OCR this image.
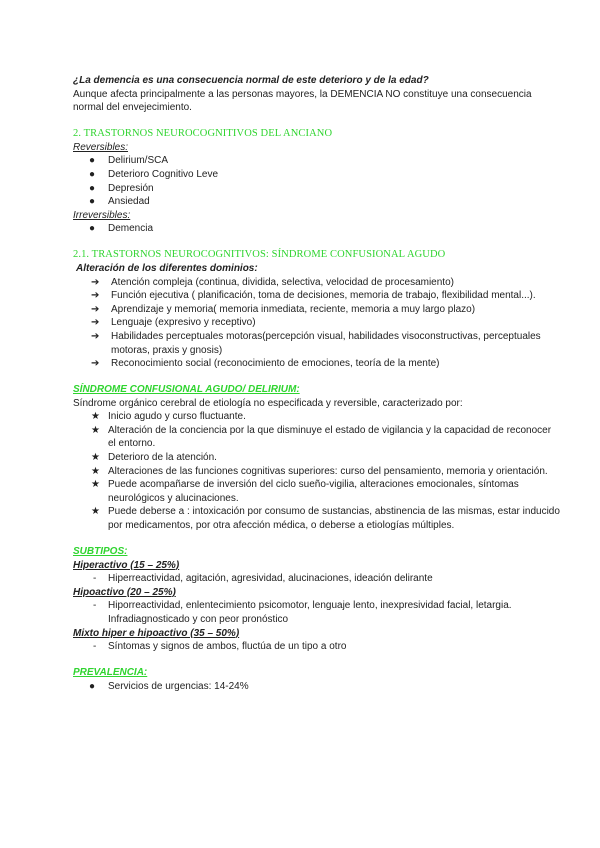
¿La demencia es una consecuencia normal de este deterioro y de la edad?

Aunque afecta principalmente a las personas mayores, la DEMENCIA NO constituye una consecuencia normal del envejecimiento.

2. TRASTORNOS NEUROCOGNITIVOS DEL ANCIANO

Reversibles:

●	Delirium/SCA
●	Deterioro Cognitivo Leve
●	Depresión
●	Ansiedad

Irreversibles:

●	Demencia

2.1. TRASTORNOS NEUROCOGNITIVOS: SÍNDROME CONFUSIONAL AGUDO

Alteración de los diferentes dominios:

➔	Atención compleja (continua, dividida, selectiva, velocidad de procesamiento)
➔	Función ejecutiva ( planificación, toma de decisiones, memoria de trabajo, flexibilidad mental...).
➔	Aprendizaje y memoria( memoria inmediata, reciente, memoria a muy largo plazo)
➔	Lenguaje (expresivo y receptivo)
➔	Habilidades perceptuales motoras(percepción visual, habilidades visoconstructivas, perceptuales motoras, praxis y gnosis)
➔	Reconocimiento social (reconocimiento de emociones, teoría de la mente)

SÍNDROME CONFUSIONAL AGUDO/ DELIRIUM:

Síndrome orgánico cerebral de etiología no especificada y reversible, caracterizado por:

★ Inicio agudo y curso fluctuante.
★ Alteración de la conciencia por la que disminuye el estado de vigilancia y la capacidad de reconocer el entorno.
★ Deterioro de la atención.
★ Alteraciones de las funciones cognitivas superiores: curso del pensamiento, memoria y orientación.
★ Puede acompañarse de inversión del ciclo sueño-vigilia, alteraciones emocionales, síntomas neurológicos y alucinaciones.
★ Puede deberse a : intoxicación por consumo de sustancias, abstinencia de las mismas, estar inducido por medicamentos, por otra afección médica, o deberse a etiologías múltiples.

SUBTIPOS:

Hiperactivo (15 – 25%)

-	Hiperreactividad, agitación, agresividad, alucinaciones, ideación delirante

Hipoactivo (20 – 25%)

-	Hiporreactividad, enlentecimiento psicomotor, lenguaje lento, inexpresividad facial, letargia. Infradiagnosticado y con peor pronóstico

Mixto hiper e hipoactivo (35 – 50%)

-	Síntomas y signos de ambos, fluctúa de un tipo a otro

PREVALENCIA:

●	Servicios de urgencias: 14-24%
